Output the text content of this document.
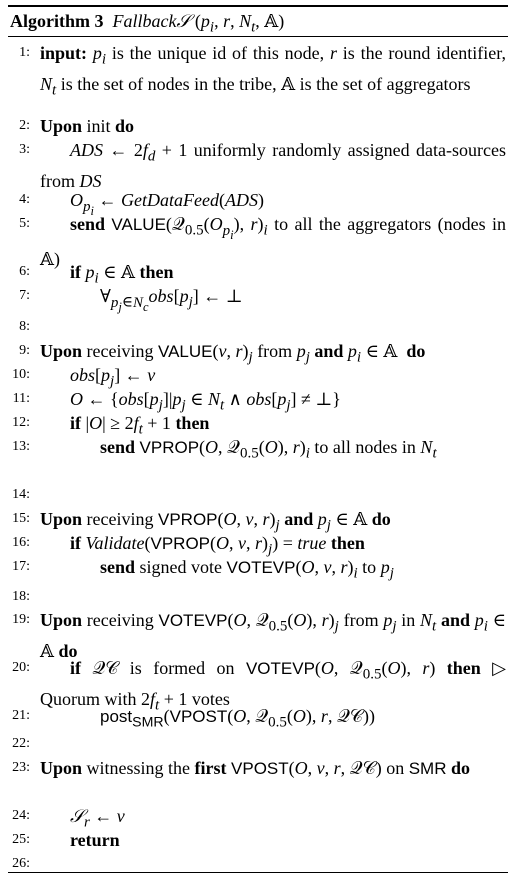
Algorithm 3 Fallback𝒮 ($p_i$, r, $N_t$, 𝔸)
1: input: $p_i$ is the unique id of this node, r is the round identifier, $N_t$ is the set of nodes in the tribe, 𝔸 is the set of aggregators
2: Upon init do
3:	ADS ← $2f_d + 1$ uniformly randomly assigned data-sources from DS
4:	$O_{p_i}$ ← GetDataFeed(ADS)
5:	send $VALUE(𝒬_{0.5}(O_{p_i})$, $r)_i$ to all the aggregators (nodes in 𝔸)
6:	if $p_i$ ∈ 𝔸 then
7:	$\forall_{p_j\in N_c}obs[p_j]$ ← ⊥
8:
9: Upon receiving VALUE(v, $r)_j$ from $p_j$ and $p_i$ ∈ 𝔸  do
10:	$obs[p_j]$ ← v
11:	O ← {$obs[p_j]|p_j$ ∈ $N_t$ ∧ $obs[p_j]$ ≠ ⊥}
12:	if $|O| \ge 2f_t + 1$ then
13:	send VPROP(O, 𝒬$_{0.5}$(O), $r)_i$ to all nodes in $N_t$
14:
15: Upon receiving VPROP(O, v, $r)_j$ and $p_j$ ∈ 𝔸 do
16:	if Validate(VPROP(O, v, $r)_j$) = true then
17:	send signed vote VOTEVP(O, v, $r)_i$ to $p_j$
18:
19: Upon receiving VOTEVP(O, 𝒬$_{0.5}$(O), $r)_j$ from $p_j$ in $N_t$ and $p_i$ ∈ 𝔸 do
20:	if 𝒬𝒞 is formed on VOTEVP(O, 𝒬$_{0.5}$(O), r) then ▷ Quorum with $2f_t + 1$ votes
21:	post$_{SMR}$(VPOST(O, 𝒬$_{0.5}$(O), r, 𝒬𝒞))
22:
23: Upon witnessing the first VPOST(O, v, r, 𝒬𝒞) on SMR do
24:	𝒮$_r$ ← v
25:	return
26:
